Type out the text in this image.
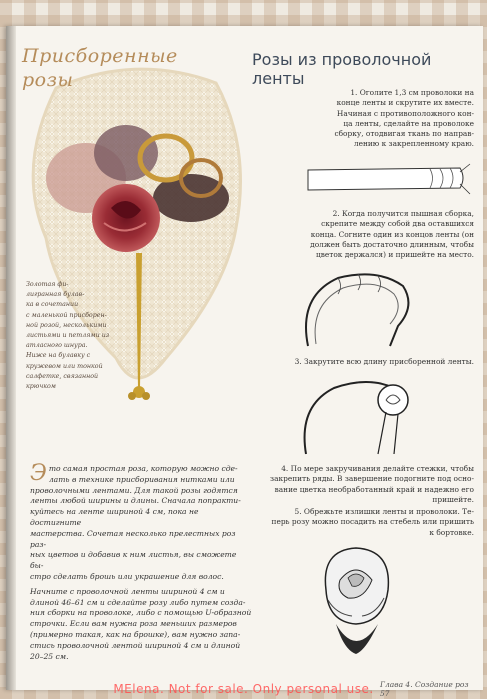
Присборенные
розы
Золотая фи-
лигранная булав-
ка в сочетании
с маленькой присборен-
ной розой, несколькими
листьями и петлями из
атласного шнура.
Ниже на булавку с
кружевом или тонкой
салфетке, связанной
крючком
Розы из проволочной
ленты
1. Оголите 1,3 см проволоки на
конце ленты и скрутите их вместе.
Начиная с противоположного кон-
ца ленты, сделайте на проволоке
сборку, отодвигая ткань по направ-
лению к закрепленному краю.
2. Когда получится пышная сборка,
скрепите между собой два оставшихся
конца. Согните один из концов ленты (он
должен быть достаточно длинным, чтобы
цветок держался) и пришейте на место.
3. Закрутите всю длину присборенной ленты.
4. По мере закручивания делайте стежки, чтобы
закрепить ряды. В завершение подогните под осно-
вание цветка необработанный край и надежно его
пришейте.
5. Обрежьте излишки ленты и проволоки. Те-
перь розу можно посадить на стебель или пришить
к бортовке.
Э то самая простая роза, которую можно сде-
лать в технике присборивания нитками или
проволочными лентами. Для такой розы годятся
ленты любой ширины и длины. Сначала попракти-
куйтесь на ленте шириной 4 см, пока не достигните
мастерства. Сочетая несколько прелестных роз раз-
ных цветов и добавив к ним листья, вы сможете бы-
стро сделать брошь или украшение для волос.
Начните с проволочной ленты шириной 4 см и
длиной 46–61 см и сделайте розу либо путем созда-
ния сборки на проволоке, либо с помощью U-образной
строчки. Если вам нужна роза меньших размеров
(примерно такая, как на брошке), вам нужно запа-
стись проволочной лентой шириной 4 см и длиной
20–25 см.
Глава 4. Создание роз 57
MElena. Not for sale. Only personal use.
